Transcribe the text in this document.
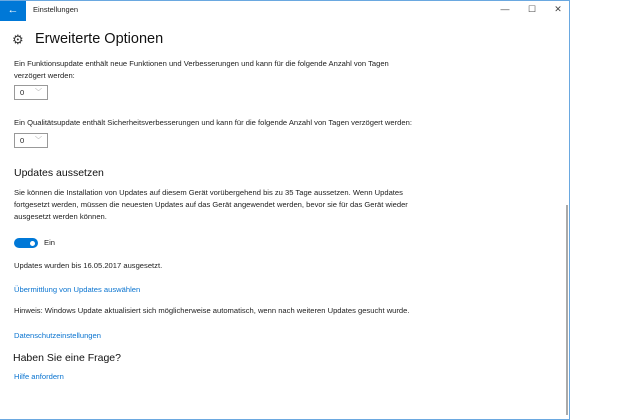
←	Einstellungen	—	☐	✕
⚙ Erweiterte Optionen
Ein Funktionsupdate enthält neue Funktionen und Verbesserungen und kann für die folgende Anzahl von Tagen
verzögert werden:
0 ﹀
Ein Qualitätsupdate enthält Sicherheitsverbesserungen und kann für die folgende Anzahl von Tagen verzögert werden:
0 ﹀
Updates aussetzen
Sie können die Installation von Updates auf diesem Gerät vorübergehend bis zu 35 Tage aussetzen. Wenn Updates
fortgesetzt werden, müssen die neuesten Updates auf das Gerät angewendet werden, bevor sie für das Gerät wieder
ausgesetzt werden können.
Ein
Updates wurden bis 16.05.2017 ausgesetzt.
Übermittlung von Updates auswählen
Hinweis: Windows Update aktualisiert sich möglicherweise automatisch, wenn nach weiteren Updates gesucht wurde.
Datenschutzeinstellungen
Haben Sie eine Frage?
Hilfe anfordern
